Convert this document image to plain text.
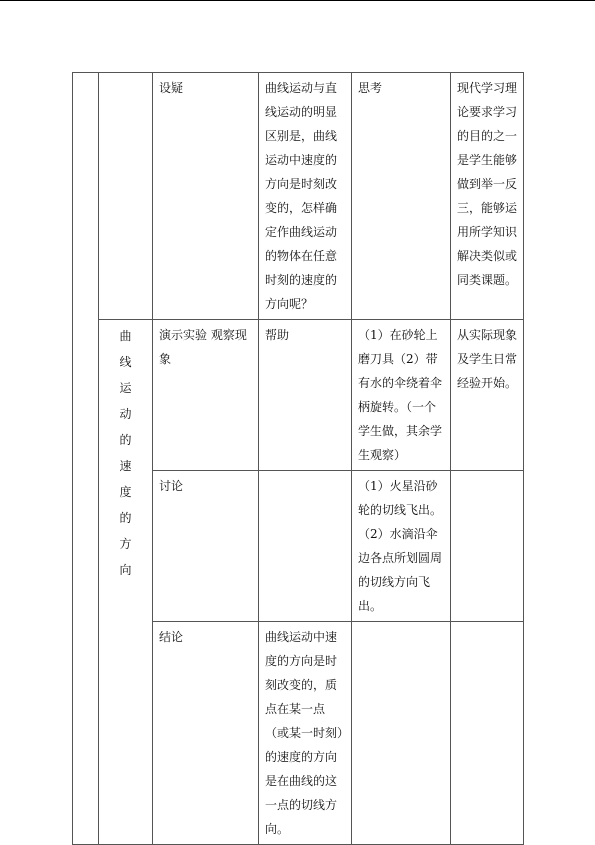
		设疑	曲线运动与直线运动的明显区别是，曲线运动中速度的方向是时刻改变的，怎样确定作曲线运动的物体在任意时刻的速度的方向呢？	思考	现代学习理论要求学习的目的之一是学生能够做到举一反三，能够运用所学知识解决类似或同类课题。
	曲线运动的速度的方向	演示实验 观察现象	帮助	（1）在砂轮上磨刀具（2）带有水的伞绕着伞柄旋转。（一个学生做，其余学生观察）	从实际现象及学生日常经验开始。
		讨论		（1）火星沿砂轮的切线飞出。（2）水滴沿伞边各点所划圆周的切线方向飞出。	
		结论	曲线运动中速度的方向是时刻改变的，质点在某一点（或某一时刻）的速度的方向是在曲线的这一点的切线方向。		
